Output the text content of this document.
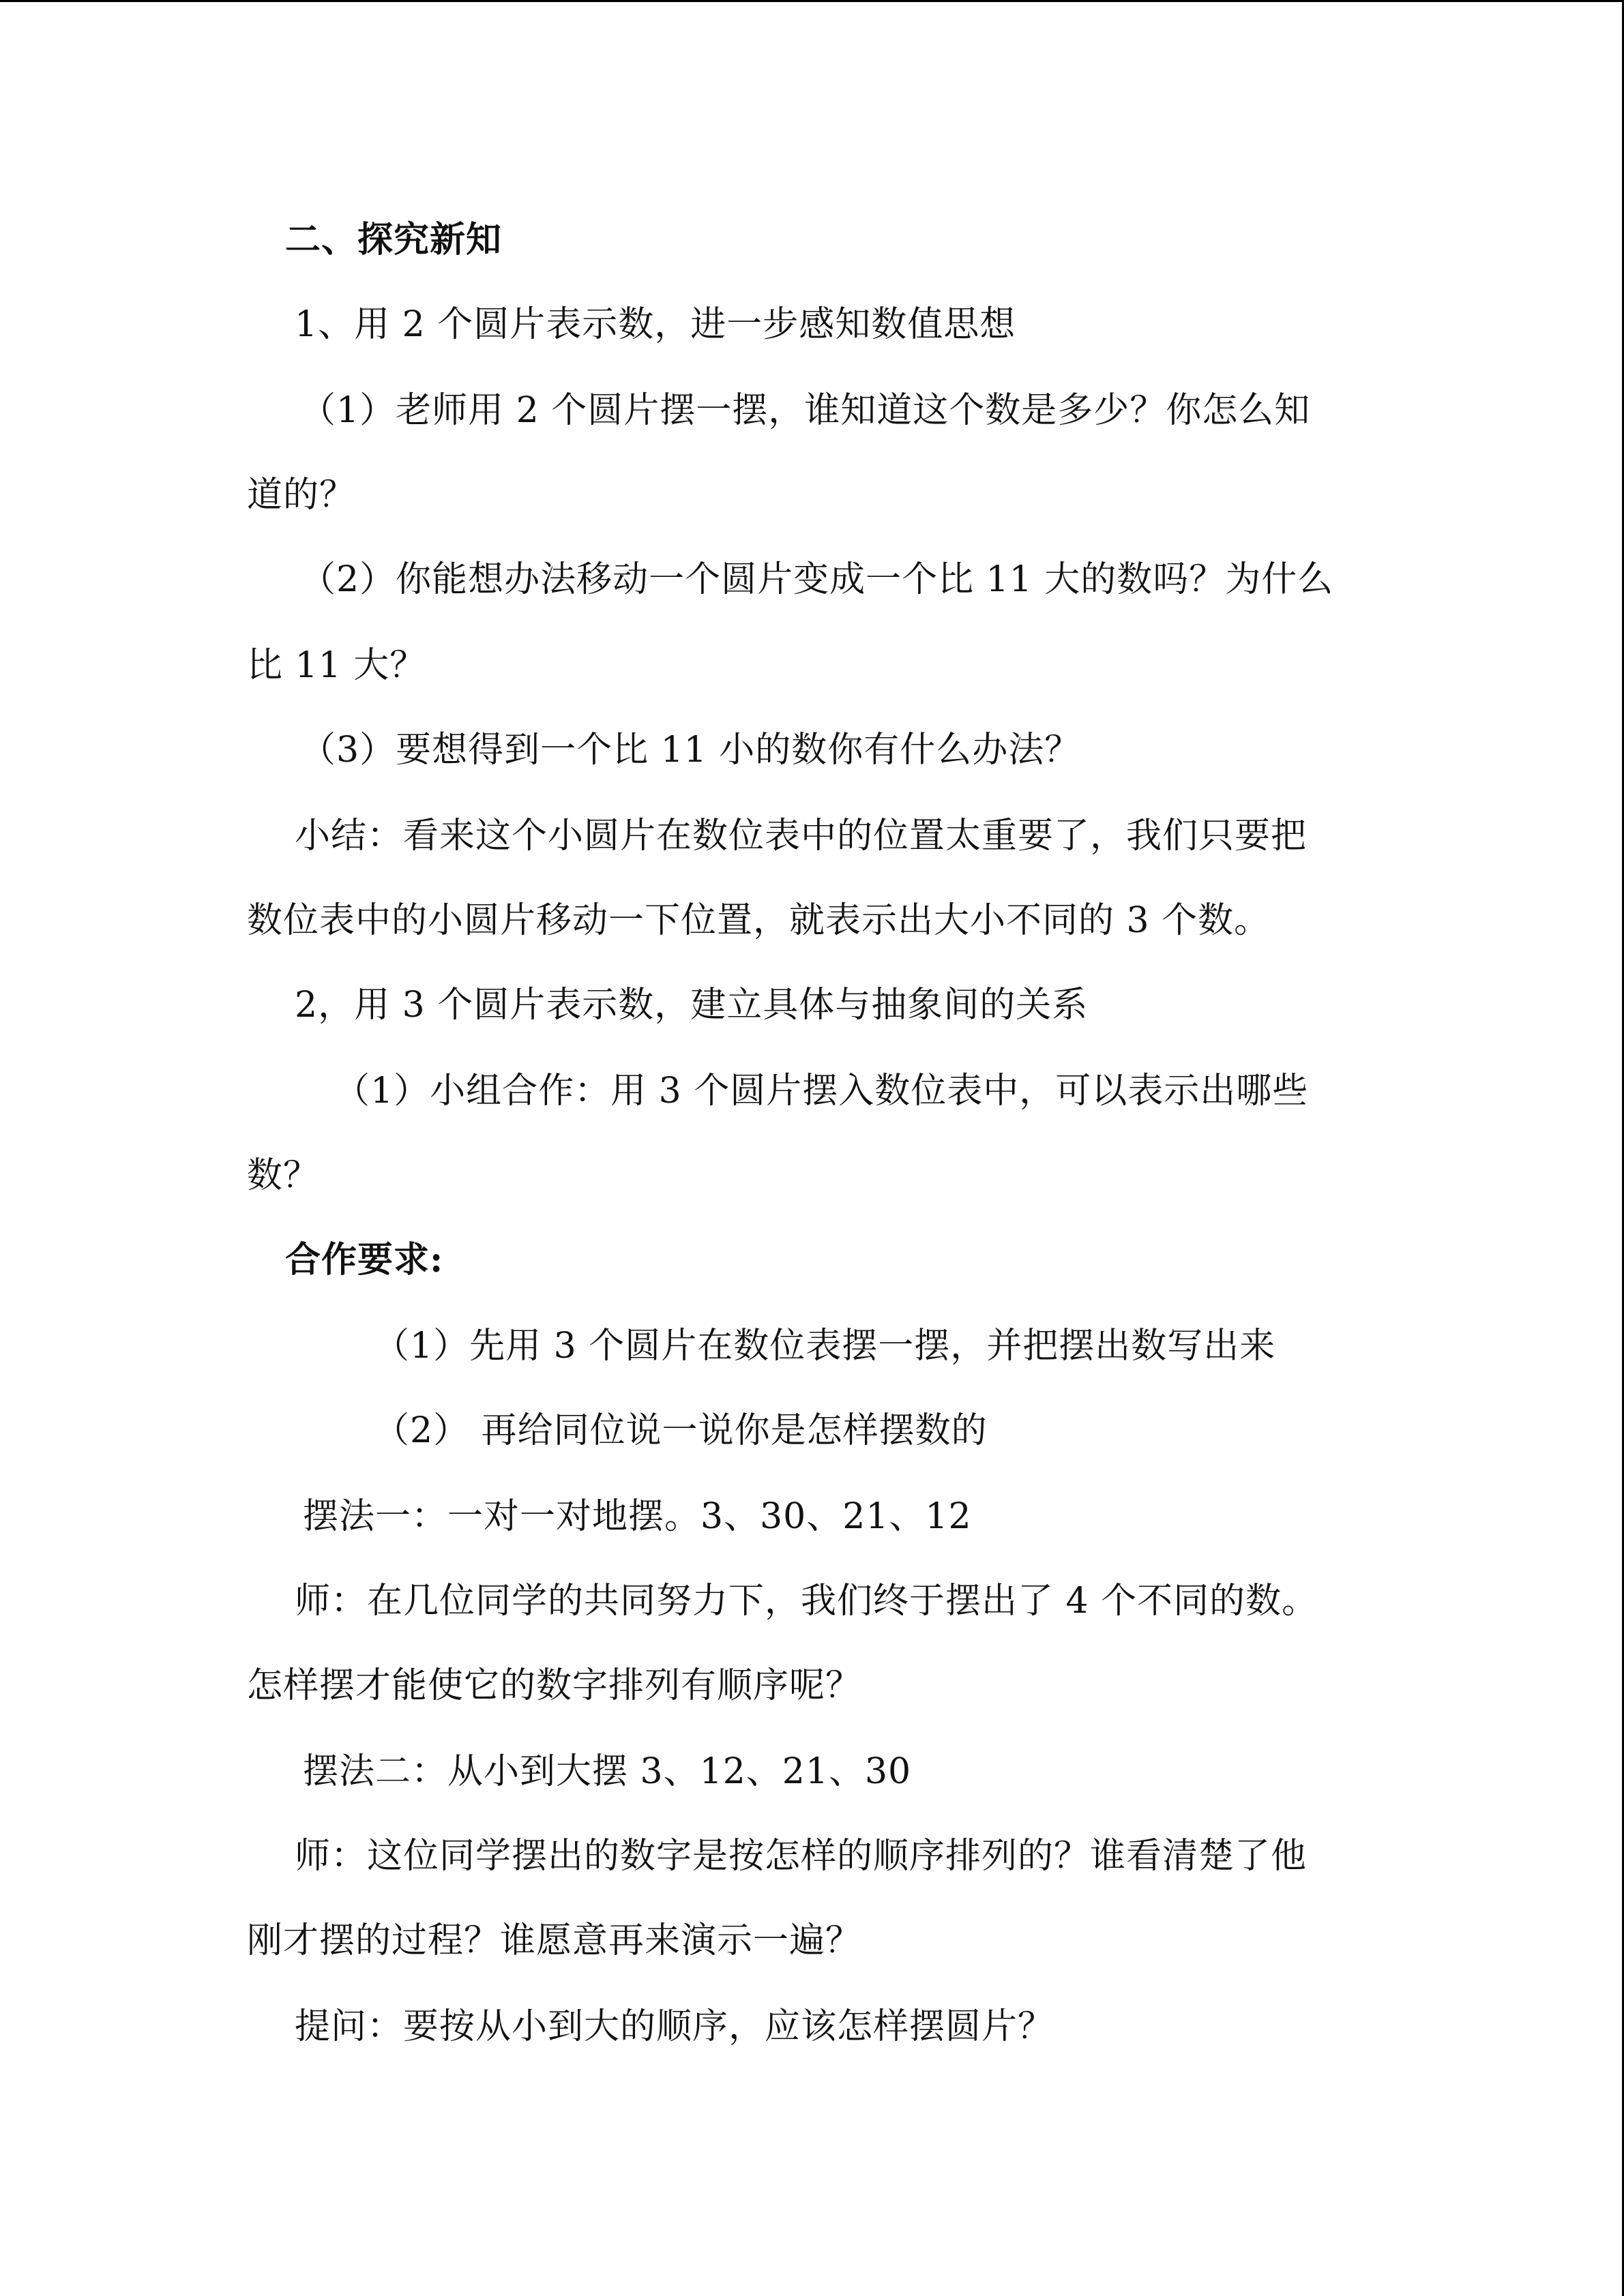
二、探究新知
1、用 2 个圆片表示数，进一步感知数值思想
（1）老师用 2 个圆片摆一摆，谁知道这个数是多少？你怎么知
道的？
（2）你能想办法移动一个圆片变成一个比 11 大的数吗？为什么
比 11 大？
（3）要想得到一个比 11 小的数你有什么办法？
小结：看来这个小圆片在数位表中的位置太重要了，我们只要把
数位表中的小圆片移动一下位置，就表示出大小不同的 3 个数。
2，用 3 个圆片表示数，建立具体与抽象间的关系
（1）小组合作：用 3 个圆片摆入数位表中，可以表示出哪些
数？
合作要求:
（1）先用 3 个圆片在数位表摆一摆，并把摆出数写出来
（2） 再给同位说一说你是怎样摆数的
摆法一：一对一对地摆。3、30、21、12
师：在几位同学的共同努力下，我们终于摆出了 4 个不同的数。
怎样摆才能使它的数字排列有顺序呢？
摆法二：从小到大摆 3、12、21、30
师：这位同学摆出的数字是按怎样的顺序排列的？谁看清楚了他
刚才摆的过程？谁愿意再来演示一遍？
提问：要按从小到大的顺序，应该怎样摆圆片？
